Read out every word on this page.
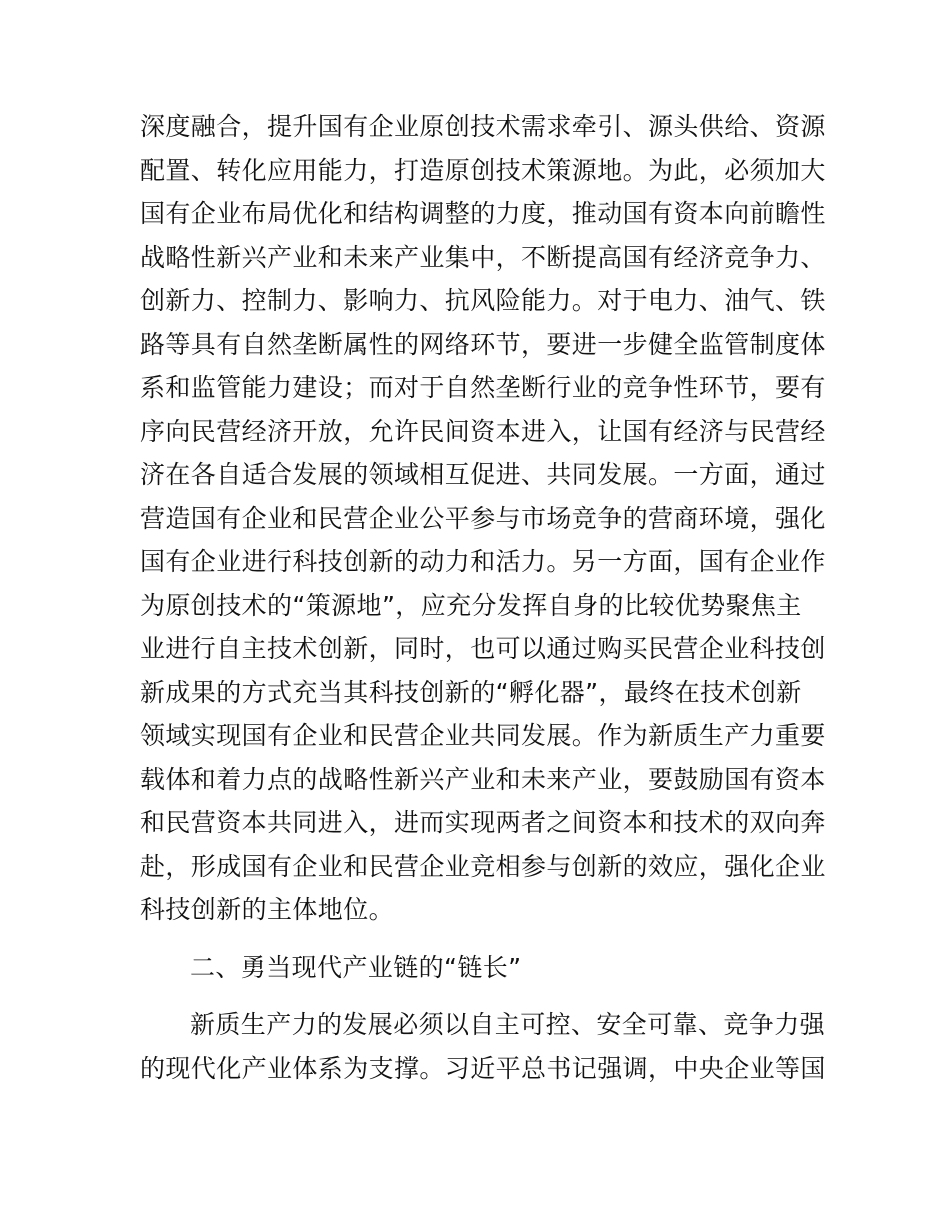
深度融合，提升国有企业原创技术需求牵引、源头供给、资源
配置、转化应用能力，打造原创技术策源地。为此，必须加大
国有企业布局优化和结构调整的力度，推动国有资本向前瞻性
战略性新兴产业和未来产业集中，不断提高国有经济竞争力、
创新力、控制力、影响力、抗风险能力。对于电力、油气、铁
路等具有自然垄断属性的网络环节，要进一步健全监管制度体
系和监管能力建设；而对于自然垄断行业的竞争性环节，要有
序向民营经济开放，允许民间资本进入，让国有经济与民营经
济在各自适合发展的领域相互促进、共同发展。一方面，通过
营造国有企业和民营企业公平参与市场竞争的营商环境，强化
国有企业进行科技创新的动力和活力。另一方面，国有企业作
为原创技术的“策源地”，应充分发挥自身的比较优势聚焦主
业进行自主技术创新，同时，也可以通过购买民营企业科技创
新成果的方式充当其科技创新的“孵化器”，最终在技术创新
领域实现国有企业和民营企业共同发展。作为新质生产力重要
载体和着力点的战略性新兴产业和未来产业，要鼓励国有资本
和民营资本共同进入，进而实现两者之间资本和技术的双向奔
赴，形成国有企业和民营企业竞相参与创新的效应，强化企业
科技创新的主体地位。
二、勇当现代产业链的“链长”
新质生产力的发展必须以自主可控、安全可靠、竞争力强
的现代化产业体系为支撑。习近平总书记强调，中央企业等国
